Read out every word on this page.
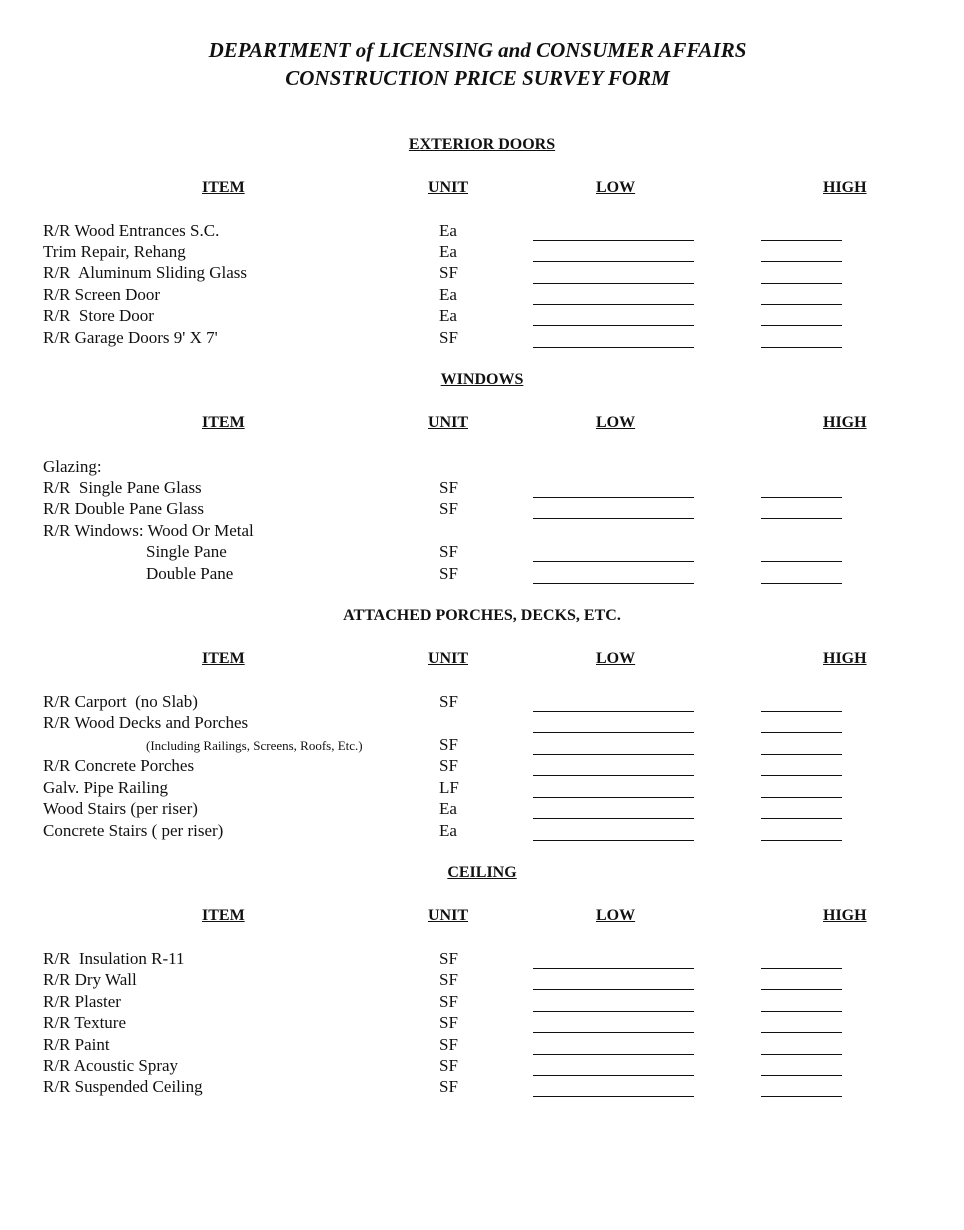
DEPARTMENT of LICENSING and CONSUMER AFFAIRS
CONSTRUCTION PRICE SURVEY FORM
EXTERIOR DOORS
ITEM	UNIT	LOW	HIGH
R/R Wood Entrances S.C.	Ea
Trim Repair, Rehang	Ea
R/R  Aluminum Sliding Glass	SF
R/R Screen Door	Ea
R/R  Store Door	Ea
R/R Garage Doors 9' X 7'	SF
WINDOWS
ITEM	UNIT	LOW	HIGH
Glazing:
R/R  Single Pane Glass	SF
R/R Double Pane Glass	SF
R/R Windows: Wood Or Metal
Single Pane	SF
Double Pane	SF
ATTACHED PORCHES, DECKS, ETC.
ITEM	UNIT	LOW	HIGH
R/R Carport  (no Slab)	SF
R/R Wood Decks and Porches
(Including Railings, Screens, Roofs, Etc.)	SF
R/R Concrete Porches	SF
Galv. Pipe Railing	LF
Wood Stairs (per riser)	Ea
Concrete Stairs ( per riser)	Ea
CEILING
ITEM	UNIT	LOW	HIGH
R/R  Insulation R-11	SF
R/R Dry Wall	SF
R/R Plaster	SF
R/R Texture	SF
R/R Paint	SF
R/R Acoustic Spray	SF
R/R Suspended Ceiling	SF
